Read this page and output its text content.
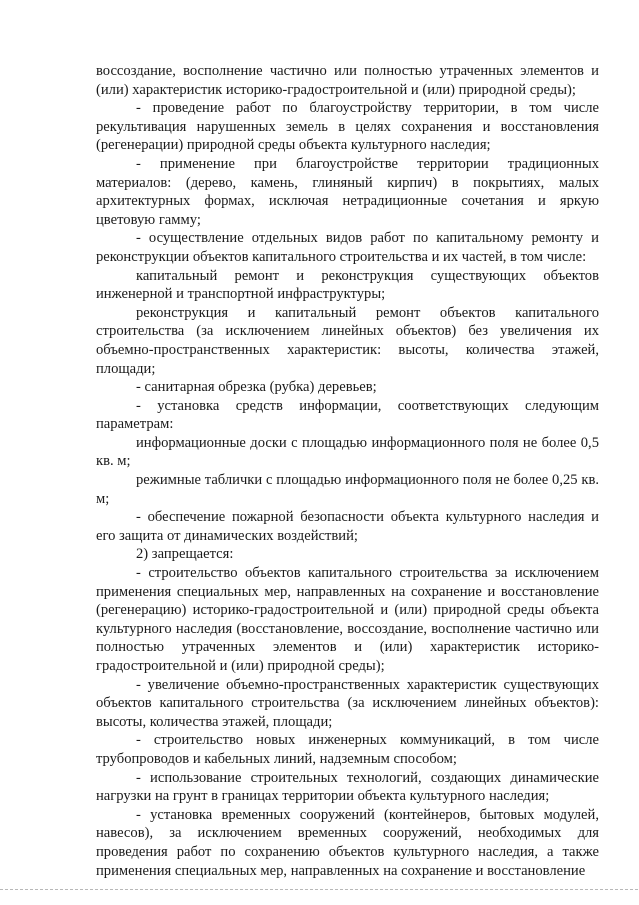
воссоздание, восполнение частично или полностью утраченных элементов и (или) характеристик историко-градостроительной и (или) природной среды);

- проведение работ по благоустройству территории, в том числе рекультивация нарушенных земель в целях сохранения и восстановления (регенерации) природной среды объекта культурного наследия;

- применение при благоустройстве территории традиционных материалов: (дерево, камень, глиняный кирпич) в покрытиях, малых архитектурных формах, исключая нетрадиционные сочетания и яркую цветовую гамму;

- осуществление отдельных видов работ по капитальному ремонту и реконструкции объектов капитального строительства и их частей, в том числе:

капитальный ремонт и реконструкция существующих объектов инженерной и транспортной инфраструктуры;

реконструкция и капитальный ремонт объектов капитального строительства (за исключением линейных объектов) без увеличения их объемно-пространственных характеристик: высоты, количества этажей, площади;

- санитарная обрезка (рубка) деревьев;

- установка средств информации, соответствующих следующим параметрам:

информационные доски с площадью информационного поля не более 0,5 кв. м;

режимные таблички с площадью информационного поля не более 0,25 кв. м;

- обеспечение пожарной безопасности объекта культурного наследия и его защита от динамических воздействий;

2) запрещается:

- строительство объектов капитального строительства за исключением применения специальных мер, направленных на сохранение и восстановление (регенерацию) историко-градостроительной и (или) природной среды объекта культурного наследия (восстановление, воссоздание, восполнение частично или полностью утраченных элементов и (или) характеристик историко-градостроительной и (или) природной среды);

- увеличение объемно-пространственных характеристик существующих объектов капитального строительства (за исключением линейных объектов): высоты, количества этажей, площади;

- строительство новых инженерных коммуникаций, в том числе трубопроводов и кабельных линий, надземным способом;

- использование строительных технологий, создающих динамические нагрузки на грунт в границах территории объекта культурного наследия;

- установка временных сооружений (контейнеров, бытовых модулей, навесов), за исключением временных сооружений, необходимых для проведения работ по сохранению объектов культурного наследия, а также применения специальных мер, направленных на сохранение и восстановление
